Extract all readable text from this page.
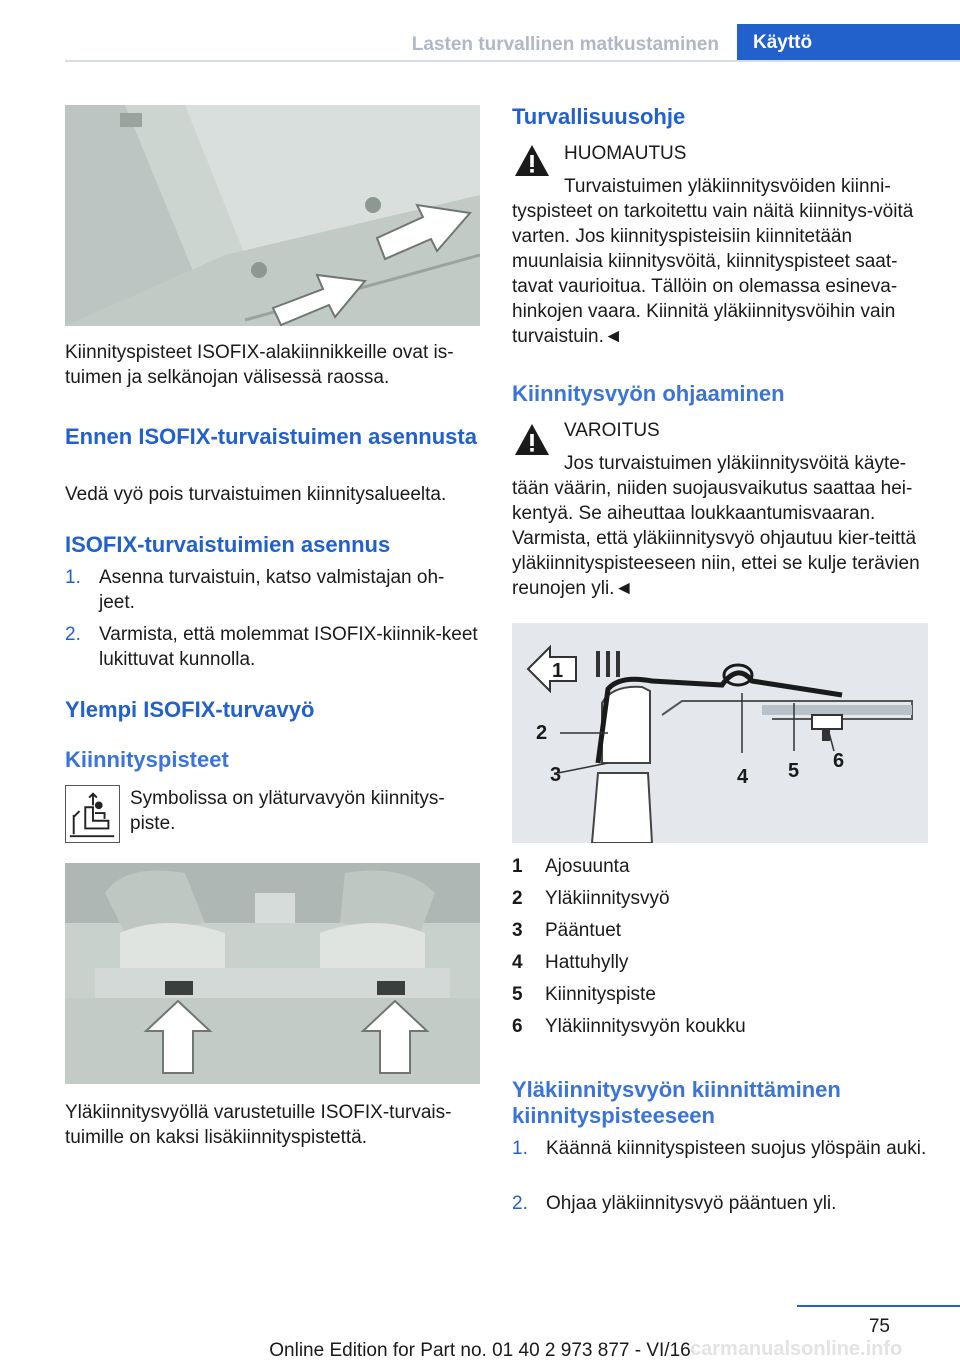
Lasten turvallinen matkustaminen	Käyttö
Kiinnityspisteet ISOFIX-alakiinnikkeille ovat is‐tuimen ja selkänojan välisessä raossa.
Ennen ISOFIX-turvaistuimen asennusta
Vedä vyö pois turvaistuimen kiinnitysalueelta.
ISOFIX-turvaistuimien asennus
1. Asenna turvaistuin, katso valmistajan oh‐jeet.
2. Varmista, että molemmat ISOFIX-kiinnik‐keet lukittuvat kunnolla.
Ylempi ISOFIX-turvavyö
Kiinnityspisteet
Symbolissa on yläturvavyön kiinnitys‐piste.
Yläkiinnitysvyöllä varustetuille ISOFIX-turvais‐tuimille on kaksi lisäkiinnityspistettä.
Turvallisuusohje
HUOMAUTUS
Turvaistuimen yläkiinnitysvöiden kiinni‐tyspisteet on tarkoitettu vain näitä kiinnitys‐vöitä varten. Jos kiinnityspisteisiin kiinnitetään muunlaisia kiinnitysvöitä, kiinnityspisteet saat‐tavat vaurioitua. Tällöin on olemassa esineva‐hinkojen vaara. Kiinnitä yläkiinnitysvöihin vain turvaistuin.◄
Kiinnitysvyön ohjaaminen
VAROITUS
Jos turvaistuimen yläkiinnitysvöitä käyte‐tään väärin, niiden suojausvaikutus saattaa hei‐kentyä. Se aiheuttaa loukkaantumisvaaran. Varmista, että yläkiinnitysvyö ohjautuu kier‐teittä yläkiinnityspisteeseen niin, ettei se kulje terävien reunojen yli.◄
1
2
3	4 5 6
1 Ajosuunta
2 Yläkiinnitysvyö
3 Pääntuet
4 Hattuhylly
5 Kiinnityspiste
6 Yläkiinnitysvyön koukku
Yläkiinnitysvyön kiinnittäminen kiinnityspisteeseen
1. Käännä kiinnityspisteen suojus ylöspäin auki.
2. Ohjaa yläkiinnitysvyö pääntuen yli.
75
carmanualsonline.info
Online Edition for Part no. 01 40 2 973 877 - VI/16
